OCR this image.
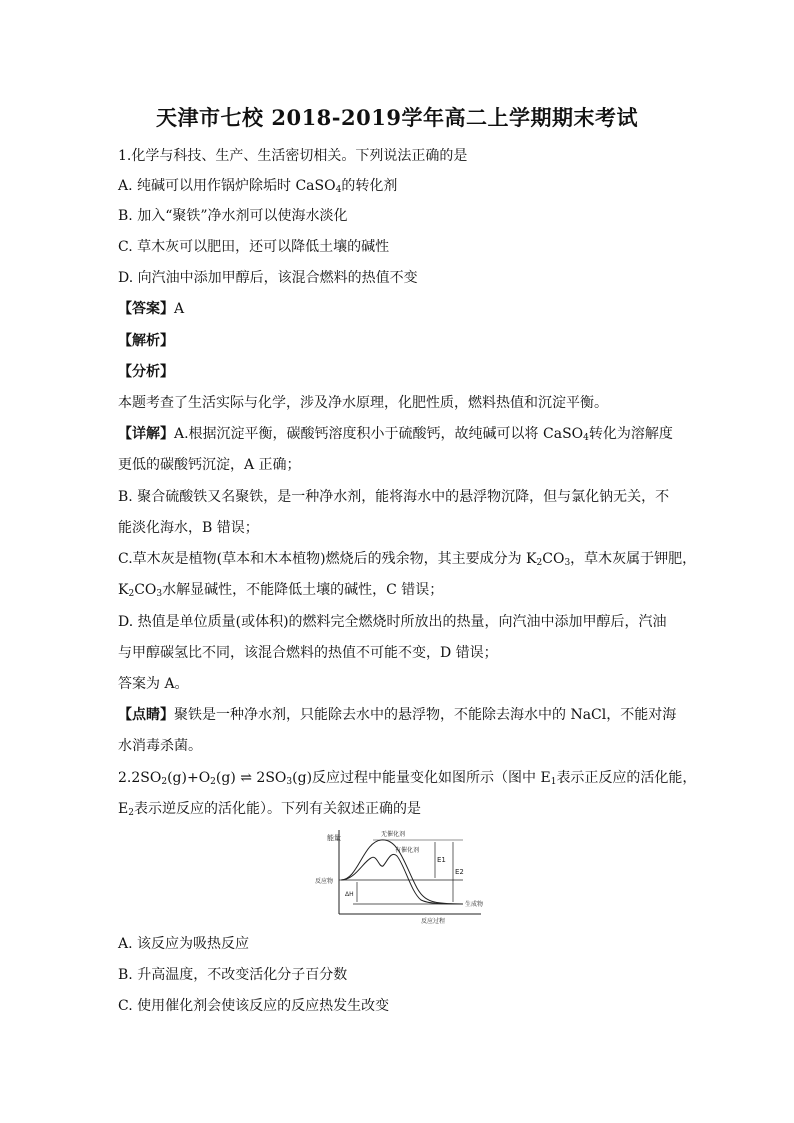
天津市七校 2018-2019学年高二上学期期末考试
1.化学与科技、生产、生活密切相关。下列说法正确的是
A. 纯碱可以用作锅炉除垢时 CaSO$_4$的转化剂
B. 加入“聚铁”净水剂可以使海水淡化
C. 草木灰可以肥田，还可以降低土壤的碱性
D. 向汽油中添加甲醇后，该混合燃料的热值不变
【答案】A
【解析】
【分析】
本题考查了生活实际与化学，涉及净水原理，化肥性质，燃料热值和沉淀平衡。
【详解】A.根据沉淀平衡，碳酸钙溶度积小于硫酸钙，故纯碱可以将 CaSO$_4$转化为溶解度
更低的碳酸钙沉淀，A 正确；
B. 聚合硫酸铁又名聚铁，是一种净水剂，能将海水中的悬浮物沉降，但与氯化钠无关，不
能淡化海水，B 错误；
C.草木灰是植物(草本和木本植物)燃烧后的残余物，其主要成分为 $K_2CO_3$，草木灰属于钾肥，
$K_2CO_3$水解显碱性，不能降低土壤的碱性，C 错误；
D. 热值是单位质量(或体积)的燃料完全燃烧时所放出的热量，向汽油中添加甲醇后，汽油
与甲醇碳氢比不同，该混合燃料的热值不可能不变，D 错误；
答案为 A。
【点睛】聚铁是一种净水剂，只能除去水中的悬浮物，不能除去海水中的 NaCl，不能对海
水消毒杀菌。
$2.2SO_2(g)+O_2(g)$ ⇌ $2SO_3(g)$反应过程中能量变化如图所示（图中 $E_1$表示正反应的活化能，
$E_2$表示逆反应的活化能）。下列有关叙述正确的是
能量
E1
E2
ΔH
无催化剂
有催化剂
反应物
生成物
反应过程
A. 该反应为吸热反应
B. 升高温度，不改变活化分子百分数
C. 使用催化剂会使该反应的反应热发生改变
